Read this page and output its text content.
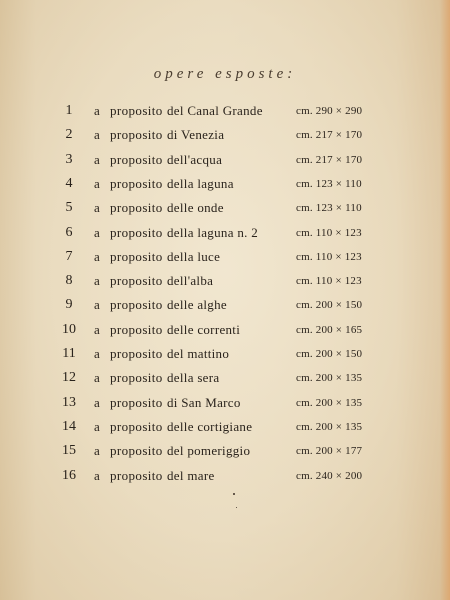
opere esposte:
1	a proposito del Canal Grande	cm. 290 × 290
2	a proposito di Venezia	cm. 217 × 170
3	a proposito dell'acqua	cm. 217 × 170
4	a proposito della laguna	cm. 123 × 110
5	a proposito delle onde	cm. 123 × 110
6	a proposito della laguna n. 2	cm. 110 × 123
7	a proposito della luce	cm. 110 × 123
8	a proposito dell'alba	cm. 110 × 123
9	a proposito delle alghe	cm. 200 × 150
10	a proposito delle correnti	cm. 200 × 165
11	a proposito del mattino	cm. 200 × 150
12	a proposito della sera	cm. 200 × 135
13	a proposito di San Marco	cm. 200 × 135
14	a proposito delle cortigiane	cm. 200 × 135
15	a proposito del pomeriggio	cm. 200 × 177
16	a proposito del mare	cm. 240 × 200
